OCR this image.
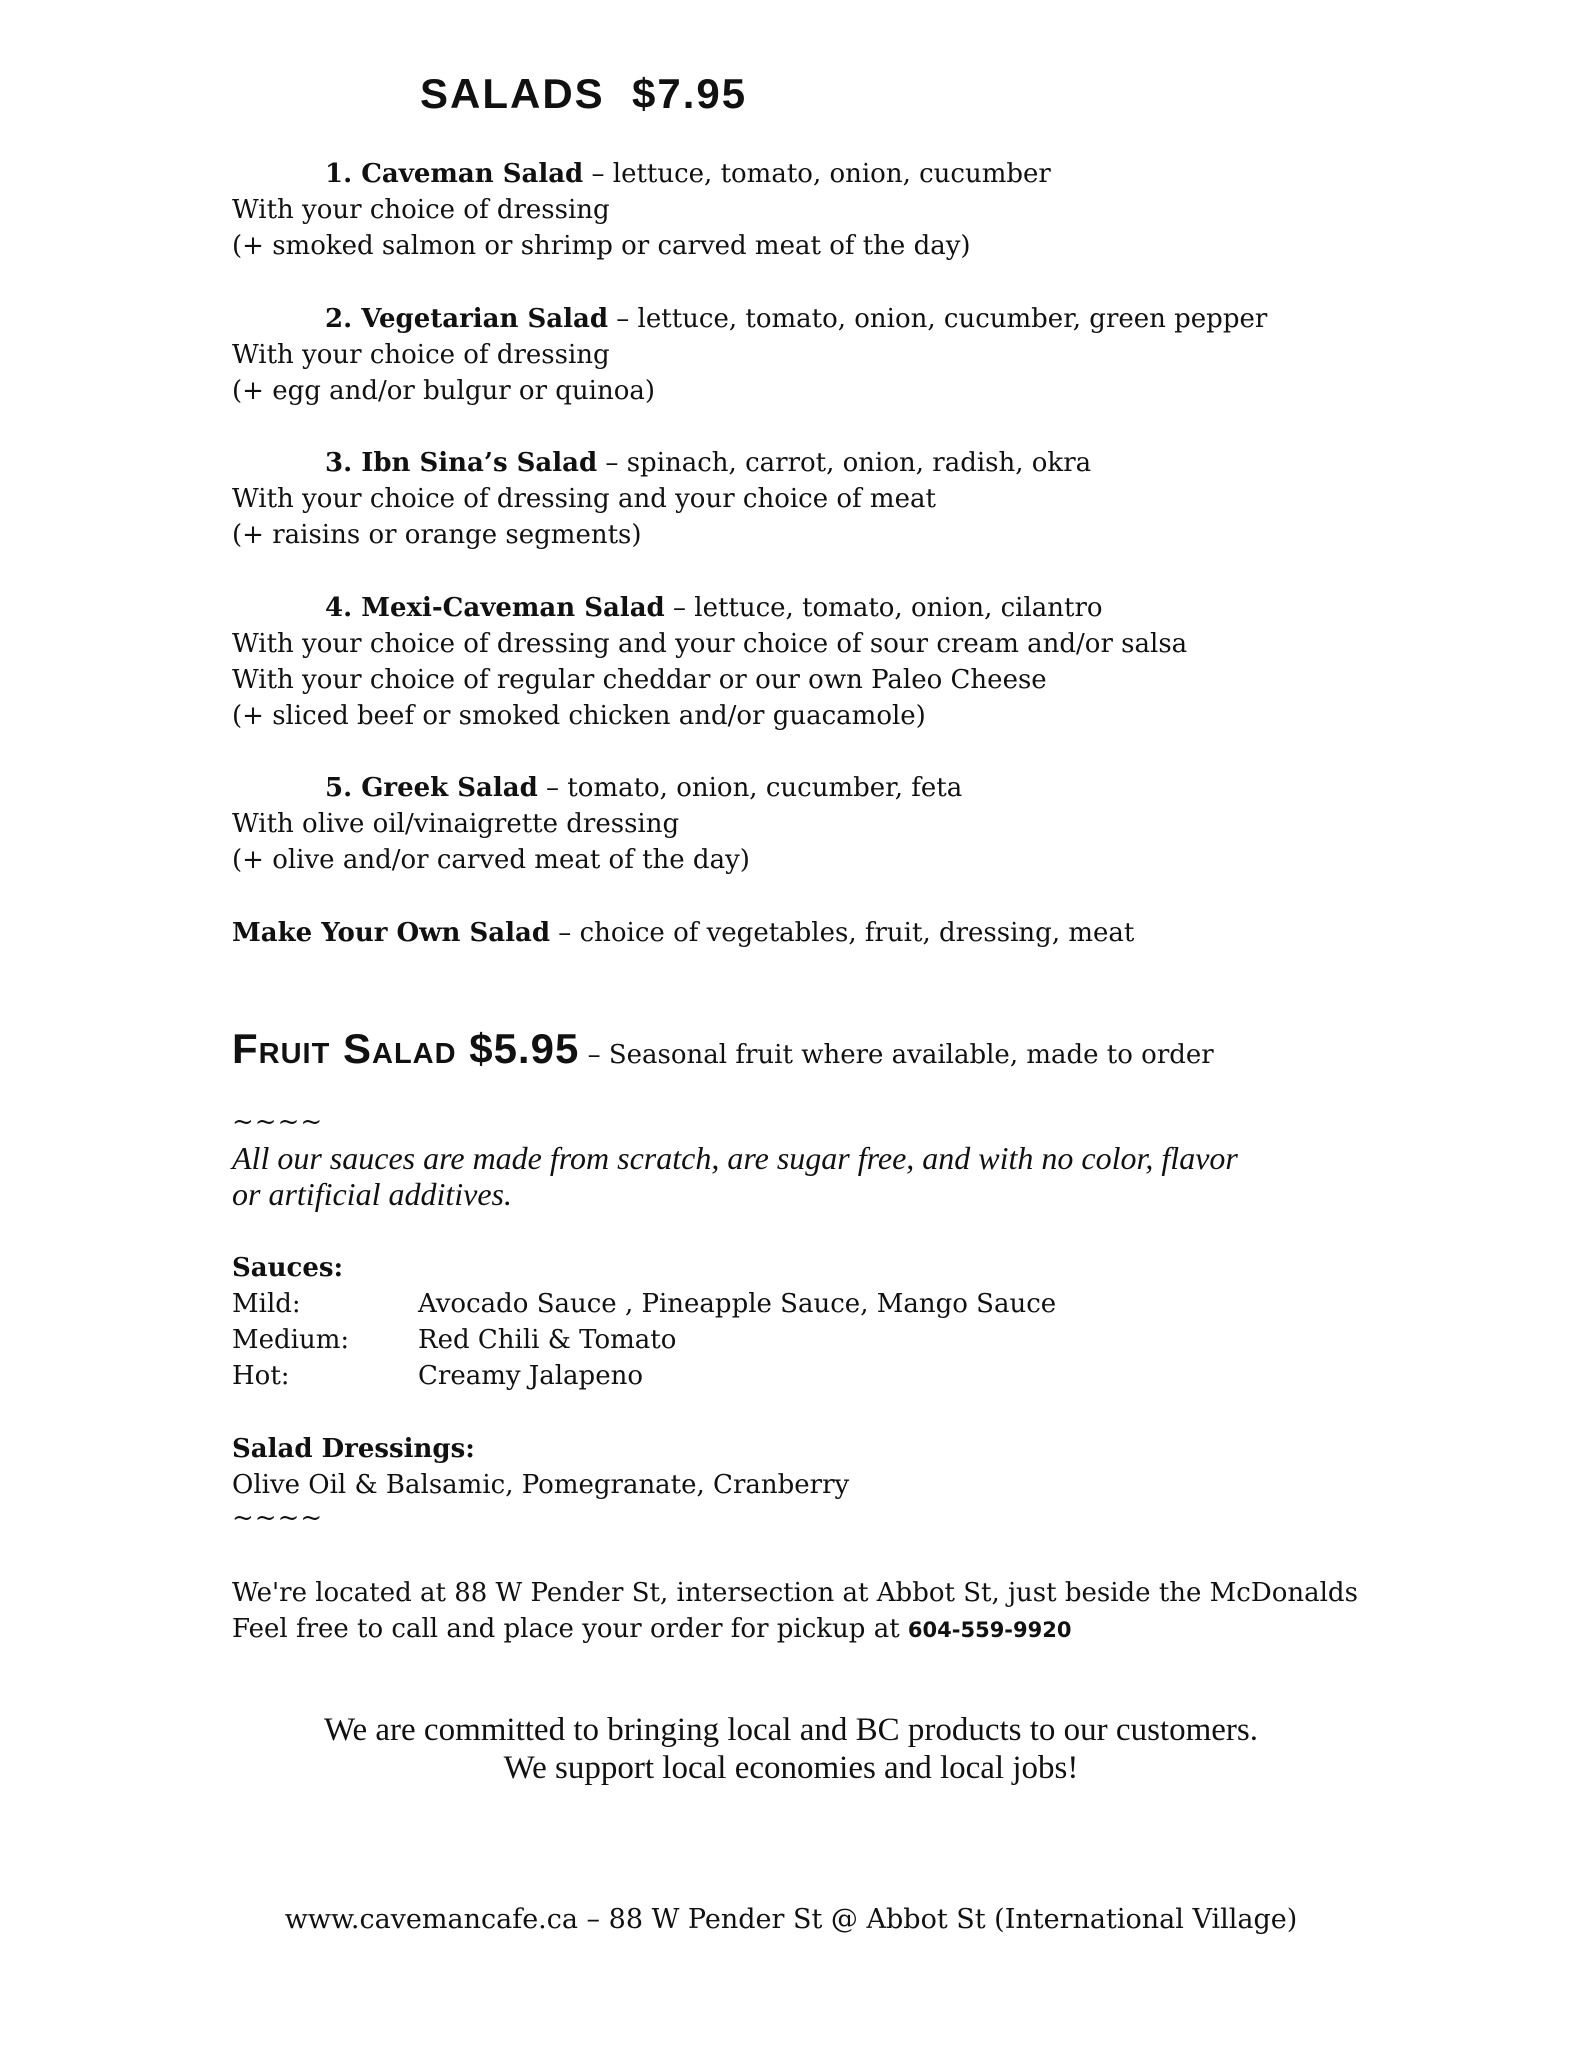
SALADS  $7.95
1. Caveman Salad – lettuce, tomato, onion, cucumber
With your choice of dressing
(+ smoked salmon or shrimp or carved meat of the day)
2. Vegetarian Salad – lettuce, tomato, onion, cucumber, green pepper
With your choice of dressing
(+ egg and/or bulgur or quinoa)
3. Ibn Sina’s Salad – spinach, carrot, onion, radish, okra
With your choice of dressing and your choice of meat
(+ raisins or orange segments)
4. Mexi-Caveman Salad – lettuce, tomato, onion, cilantro
With your choice of dressing and your choice of sour cream and/or salsa
With your choice of regular cheddar or our own Paleo Cheese
(+ sliced beef or smoked chicken and/or guacamole)
5. Greek Salad – tomato, onion, cucumber, feta
With olive oil/vinaigrette dressing
(+ olive and/or carved meat of the day)
Make Your Own Salad – choice of vegetables, fruit, dressing, meat
Fruit Salad $5.95 – Seasonal fruit where available, made to order
~~~~
All our sauces are made from scratch, are sugar free, and with no color, flavor
or artificial additives.
Sauces:
Mild:	Avocado Sauce , Pineapple Sauce, Mango Sauce
Medium:	Red Chili & Tomato
Hot:	Creamy Jalapeno
Salad Dressings:
Olive Oil & Balsamic, Pomegranate, Cranberry
~~~~
We're located at 88 W Pender St, intersection at Abbot St, just beside the McDonalds
Feel free to call and place your order for pickup at 604-559-9920
We are committed to bringing local and BC products to our customers.
We support local economies and local jobs!
www.cavemancafe.ca – 88 W Pender St @ Abbot St (International Village)
